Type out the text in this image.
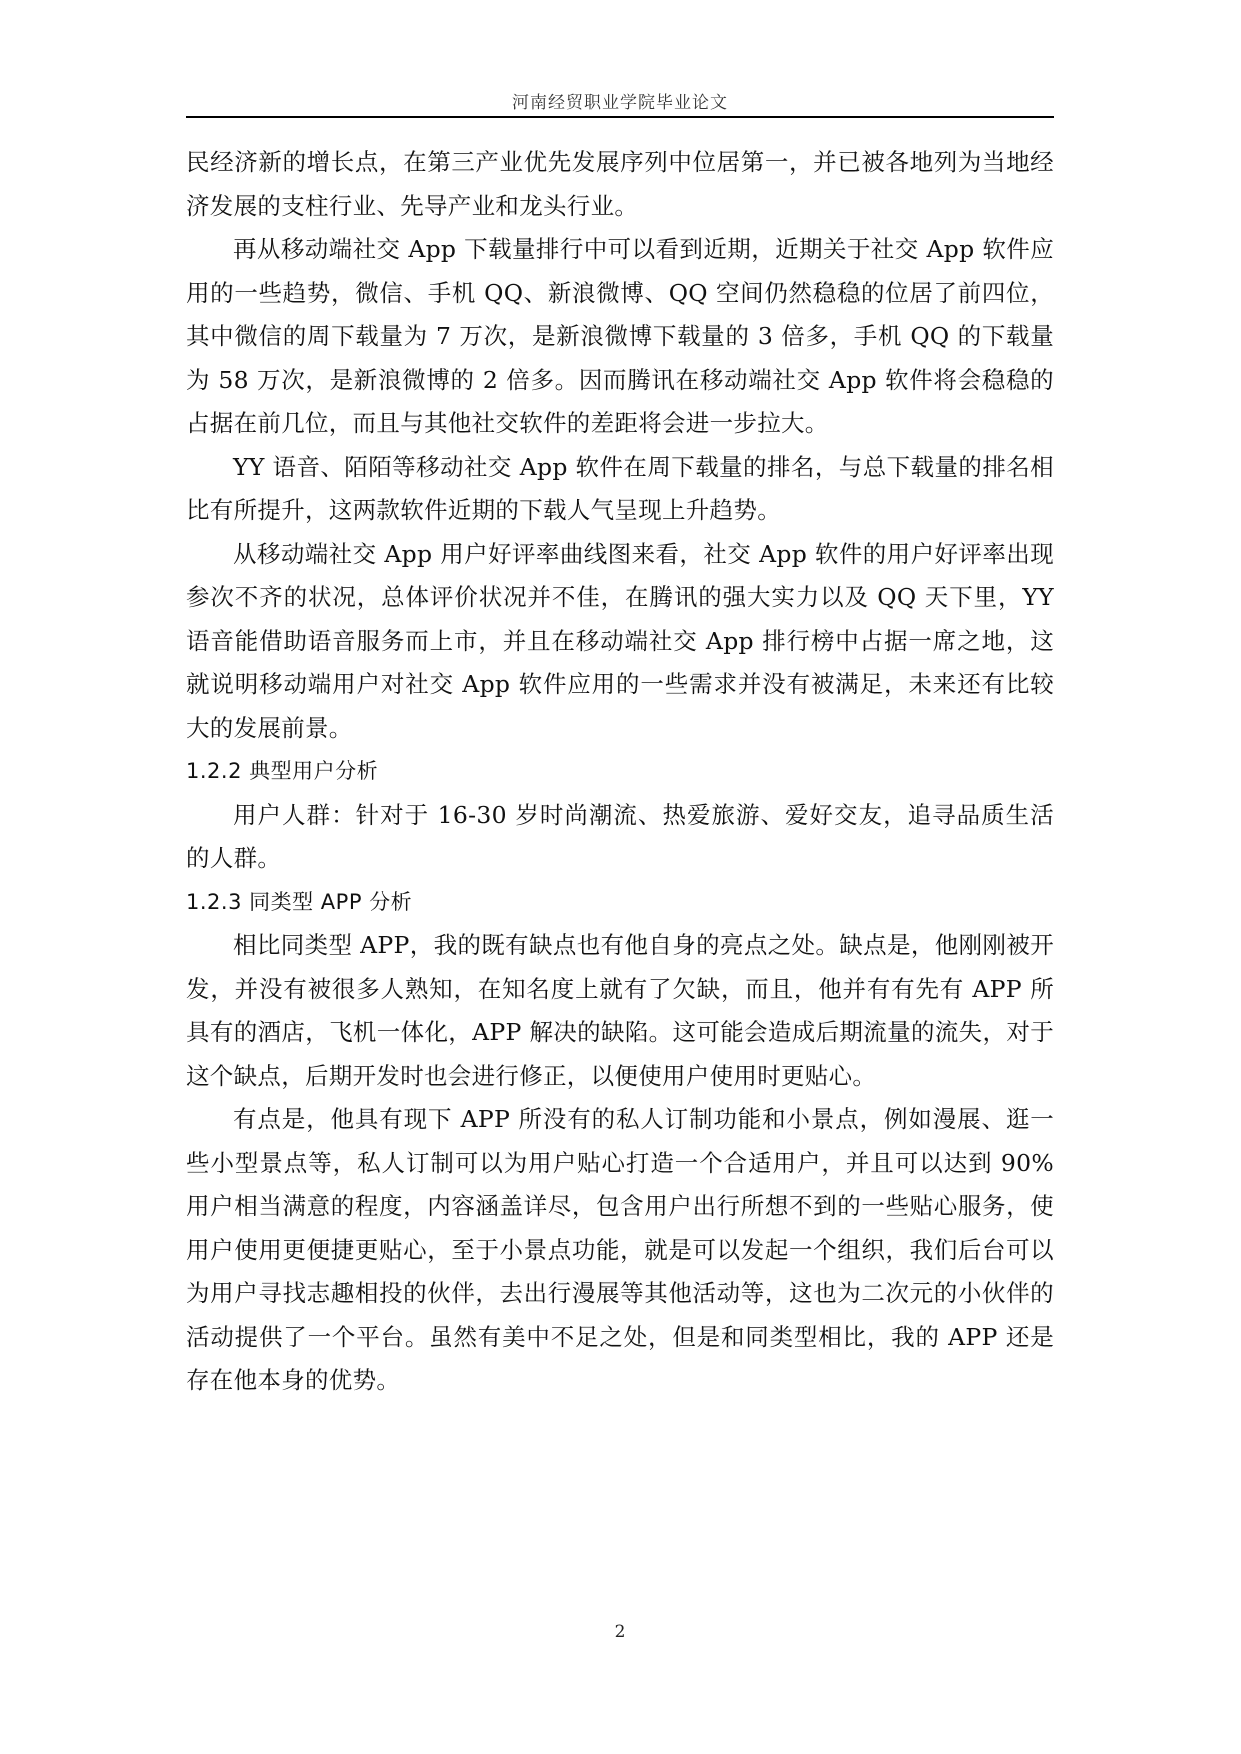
河南经贸职业学院毕业论文

民经济新的增长点，在第三产业优先发展序列中位居第一，并已被各地列为当地经济发展的支柱行业、先导产业和龙头行业。

再从移动端社交 App 下载量排行中可以看到近期，近期关于社交 App 软件应用的一些趋势，微信、手机 QQ、新浪微博、QQ 空间仍然稳稳的位居了前四位，其中微信的周下载量为 7 万次，是新浪微博下载量的 3 倍多，手机 QQ 的下载量为 58 万次，是新浪微博的 2 倍多。因而腾讯在移动端社交 App 软件将会稳稳的占据在前几位，而且与其他社交软件的差距将会进一步拉大。

YY 语音、陌陌等移动社交 App 软件在周下载量的排名，与总下载量的排名相比有所提升，这两款软件近期的下载人气呈现上升趋势。

从移动端社交 App 用户好评率曲线图来看，社交 App 软件的用户好评率出现参次不齐的状况，总体评价状况并不佳，在腾讯的强大实力以及 QQ 天下里，YY 语音能借助语音服务而上市，并且在移动端社交 App 排行榜中占据一席之地，这就说明移动端用户对社交 App 软件应用的一些需求并没有被满足，未来还有比较大的发展前景。

1.2.2 典型用户分析

用户人群：针对于 16-30 岁时尚潮流、热爱旅游、爱好交友，追寻品质生活的人群。

1.2.3 同类型 APP 分析

相比同类型 APP，我的既有缺点也有他自身的亮点之处。缺点是，他刚刚被开发，并没有被很多人熟知，在知名度上就有了欠缺，而且，他并有有先有 APP 所具有的酒店，飞机一体化，APP 解决的缺陷。这可能会造成后期流量的流失，对于这个缺点，后期开发时也会进行修正，以便使用户使用时更贴心。

有点是，他具有现下 APP 所没有的私人订制功能和小景点，例如漫展、逛一些小型景点等，私人订制可以为用户贴心打造一个合适用户，并且可以达到 90%用户相当满意的程度，内容涵盖详尽，包含用户出行所想不到的一些贴心服务，使用户使用更便捷更贴心，至于小景点功能，就是可以发起一个组织，我们后台可以为用户寻找志趣相投的伙伴，去出行漫展等其他活动等，这也为二次元的小伙伴的活动提供了一个平台。虽然有美中不足之处，但是和同类型相比，我的 APP 还是存在他本身的优势。

2
